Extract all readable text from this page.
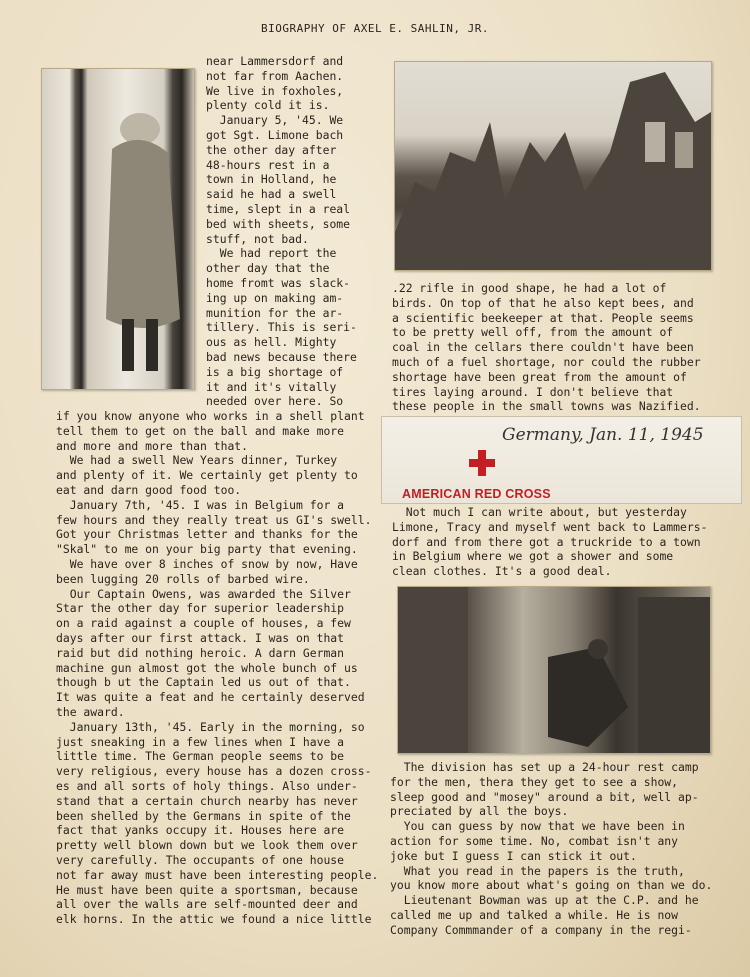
BIOGRAPHY OF AXEL E. SAHLIN, JR.
Germany, Jan. 11, 1945
AMERICAN RED CROSS
near Lammersdorf and
not far from Aachen.
We live in foxholes,
plenty cold it is.
January 5, '45. We
got Sgt. Limone bach
the other day after
48-hours rest in a
town in Holland, he
said he had a swell
time, slept in a real
bed with sheets, some
stuff, not bad.
We had report the
other day that the
home fromt was slack-
ing up on making am-
munition for the ar-
tillery. This is seri-
ous as hell. Mighty
bad news because there
is a big shortage of
it and it's vitally
needed over here. So
if you know anyone who works in a shell plant
tell them to get on the ball and make more
and more and more than that.
We had a swell New Years dinner, Turkey
and plenty of it. We certainly get plenty to
eat and darn good food too.
January 7th, '45. I was in Belgium for a
few hours and they really treat us GI's swell.
Got your Christmas letter and thanks for the
"Skal" to me on your big party that evening.
We have over 8 inches of snow by now, Have
been lugging 20 rolls of barbed wire.
Our Captain Owens, was awarded the Silver
Star the other day for superior leadership
on a raid against a couple of houses, a few
days after our first attack. I was on that
raid but did nothing heroic. A darn German
machine gun almost got the whole bunch of us
though b ut the Captain led us out of that.
It was quite a feat and he certainly deserved
the award.
January 13th, '45. Early in the morning, so
just sneaking in a few lines when I have a
little time. The German people seems to be
very religious, every house has a dozen cross-
es and all sorts of holy things. Also under-
stand that a certain church nearby has never
been shelled by the Germans in spite of the
fact that yanks occupy it. Houses here are
pretty well blown down but we look them over
very carefully. The occupants of one house
not far away must have been interesting people.
He must have been quite a sportsman, because
all over the walls are self-mounted deer and
elk horns. In the attic we found a nice little
.22 rifle in good shape, he had a lot of
birds. On top of that he also kept bees, and
a scientific beekeeper at that. People seems
to be pretty well off, from the amount of
coal in the cellars there couldn't have been
much of a fuel shortage, nor could the rubber
shortage have been great from the amount of
tires laying around. I don't believe that
these people in the small towns was Nazified.
Not much I can write about, but yesterday
Limone, Tracy and myself went back to Lammers-
dorf and from there got a truckride to a town
in Belgium where we got a shower and some
clean clothes. It's a good deal.
The division has set up a 24-hour rest camp
for the men, thera they get to see a show,
sleep good and "mosey" around a bit, well ap-
preciated by all the boys.
You can guess by now that we have been in
action for some time. No, combat isn't any
joke but I guess I can stick it out.
What you read in the papers is the truth,
you know more about what's going on than we do.
Lieutenant Bowman was up at the C.P. and he
called me up and talked a while. He is now
Company Commmander of a company in the regi-
